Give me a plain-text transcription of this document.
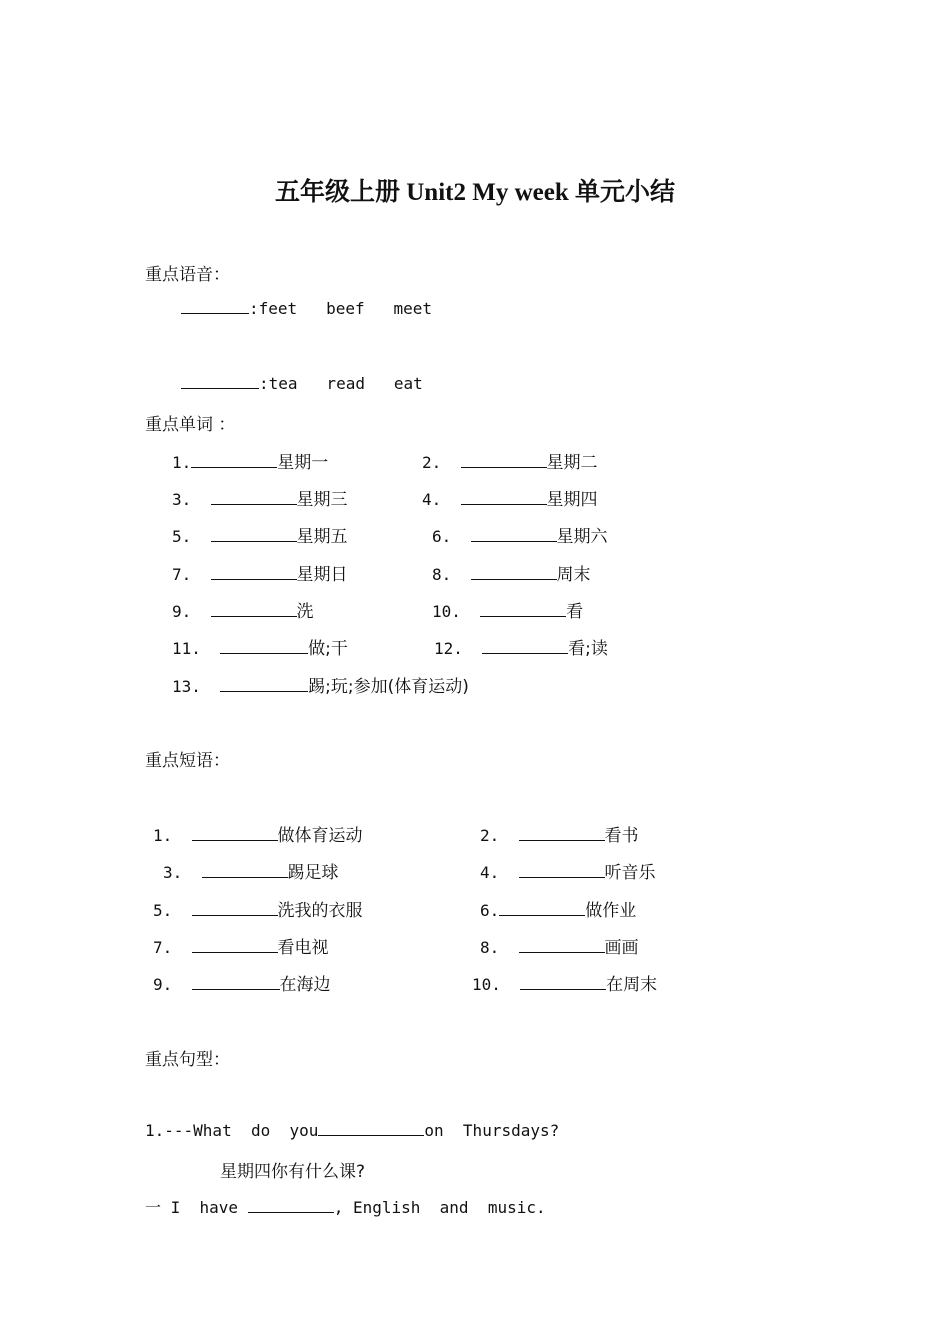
五年级上册 Unit2 My week 单元小结
重点语音：
:feet   beef   meet
:tea   read   eat
重点单词 ：
1.	星期一	2.	星期二
3.	星期三	4.	星期四
5.	星期五	6.	星期六
7.	星期日	8.	周末
9.	洗	10.	看
11.	做;干	12.	看;读
13.	踢;玩;参加(体育运动)
重点短语：
1.	做体育运动	2.	看书
3.	踢足球	4.	听音乐
5.	洗我的衣服	6.	做作业
7.	看电视	8.	画画
9.	在海边	10.	在周末
重点句型：
1.---What  do  you	on  Thursdays?
星期四你有什么课?
一 I  have	, English  and  music.
